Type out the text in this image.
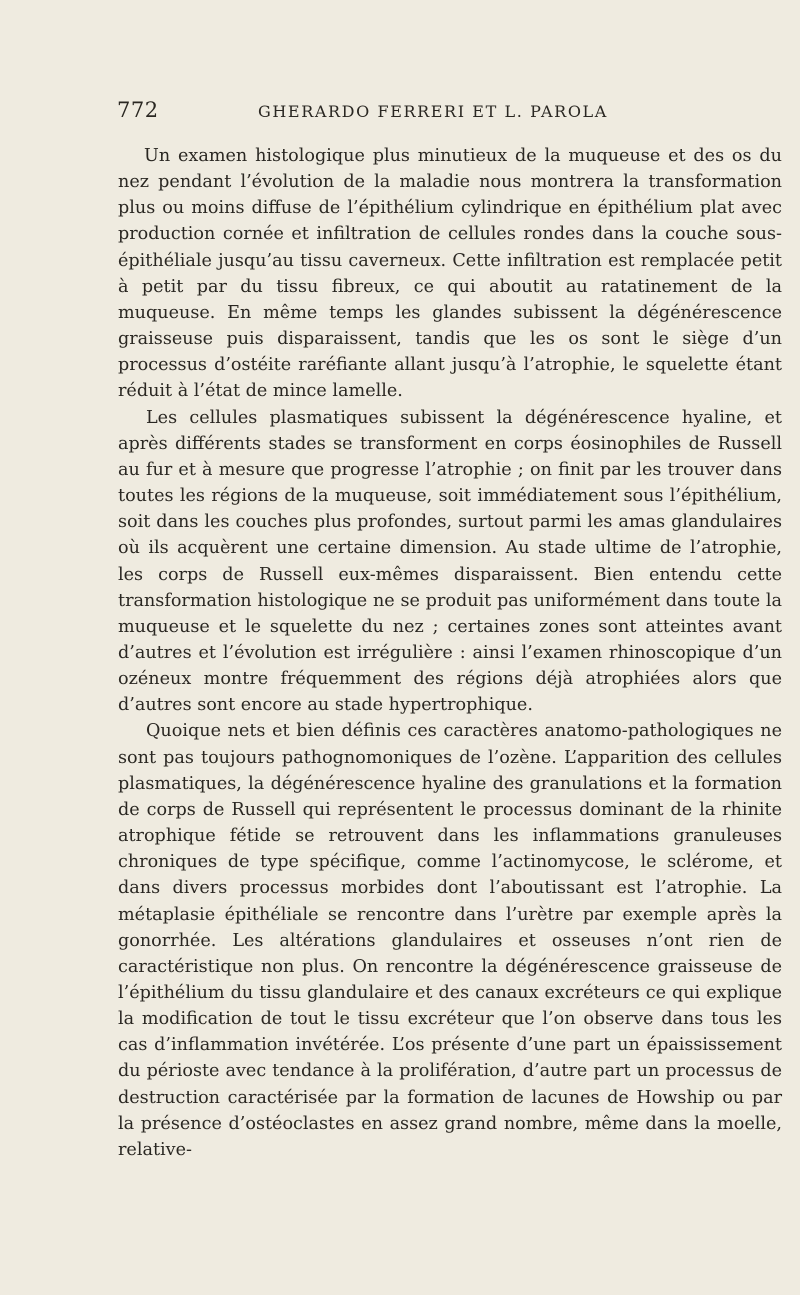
772	GHERARDO FERRERI ET L. PAROLA

Un examen histologique plus minutieux de la muqueuse et des os du nez pendant l’évolution de la maladie nous montrera la transformation plus ou moins diffuse de l’épithélium cylindrique en épithélium plat avec production cornée et infiltration de cellules rondes dans la couche sous-épithéliale jusqu’au tissu caverneux. Cette infiltration est remplacée petit à petit par du tissu fibreux, ce qui aboutit au ratatinement de la muqueuse. En même temps les glandes subissent la dégénérescence graisseuse puis disparaissent, tandis que les os sont le siège d’un processus d’ostéite raréfiante allant jusqu’à l’atrophie, le squelette étant réduit à l’état de mince lamelle.

Les cellules plasmatiques subissent la dégénérescence hyaline, et après différents stades se transforment en corps éosinophiles de Russell au fur et à mesure que progresse l’atrophie ; on finit par les trouver dans toutes les régions de la muqueuse, soit immédiatement sous l’épithélium, soit dans les couches plus profondes, surtout parmi les amas glandulaires où ils acquèrent une certaine dimension. Au stade ultime de l’atrophie, les corps de Russell eux-mêmes disparaissent. Bien entendu cette transformation histologique ne se produit pas uniformément dans toute la muqueuse et le squelette du nez ; certaines zones sont atteintes avant d’autres et l’évolution est irrégulière : ainsi l’examen rhinoscopique d’un ozéneux montre fréquemment des régions déjà atrophiées alors que d’autres sont encore au stade hypertrophique.

Quoique nets et bien définis ces caractères anatomo-pathologiques ne sont pas toujours pathognomoniques de l’ozène. L’apparition des cellules plasmatiques, la dégénérescence hyaline des granulations et la formation de corps de Russell qui représentent le processus dominant de la rhinite atrophique fétide se retrouvent dans les inflammations granuleuses chroniques de type spécifique, comme l’actinomycose, le sclérome, et dans divers processus morbides dont l’aboutissant est l’atrophie. La métaplasie épithéliale se rencontre dans l’urètre par exemple après la gonorrhée. Les altérations glandulaires et osseuses n’ont rien de caractéristique non plus. On rencontre la dégénérescence graisseuse de l’épithélium du tissu glandulaire et des canaux excréteurs ce qui explique la modification de tout le tissu excréteur que l’on observe dans tous les cas d’inflammation invétérée. L’os présente d’une part un épaississement du périoste avec tendance à la prolifération, d’autre part un processus de destruction caractérisée par la formation de lacunes de Howship ou par la présence d’ostéoclastes en assez grand nombre, même dans la moelle, relative-
